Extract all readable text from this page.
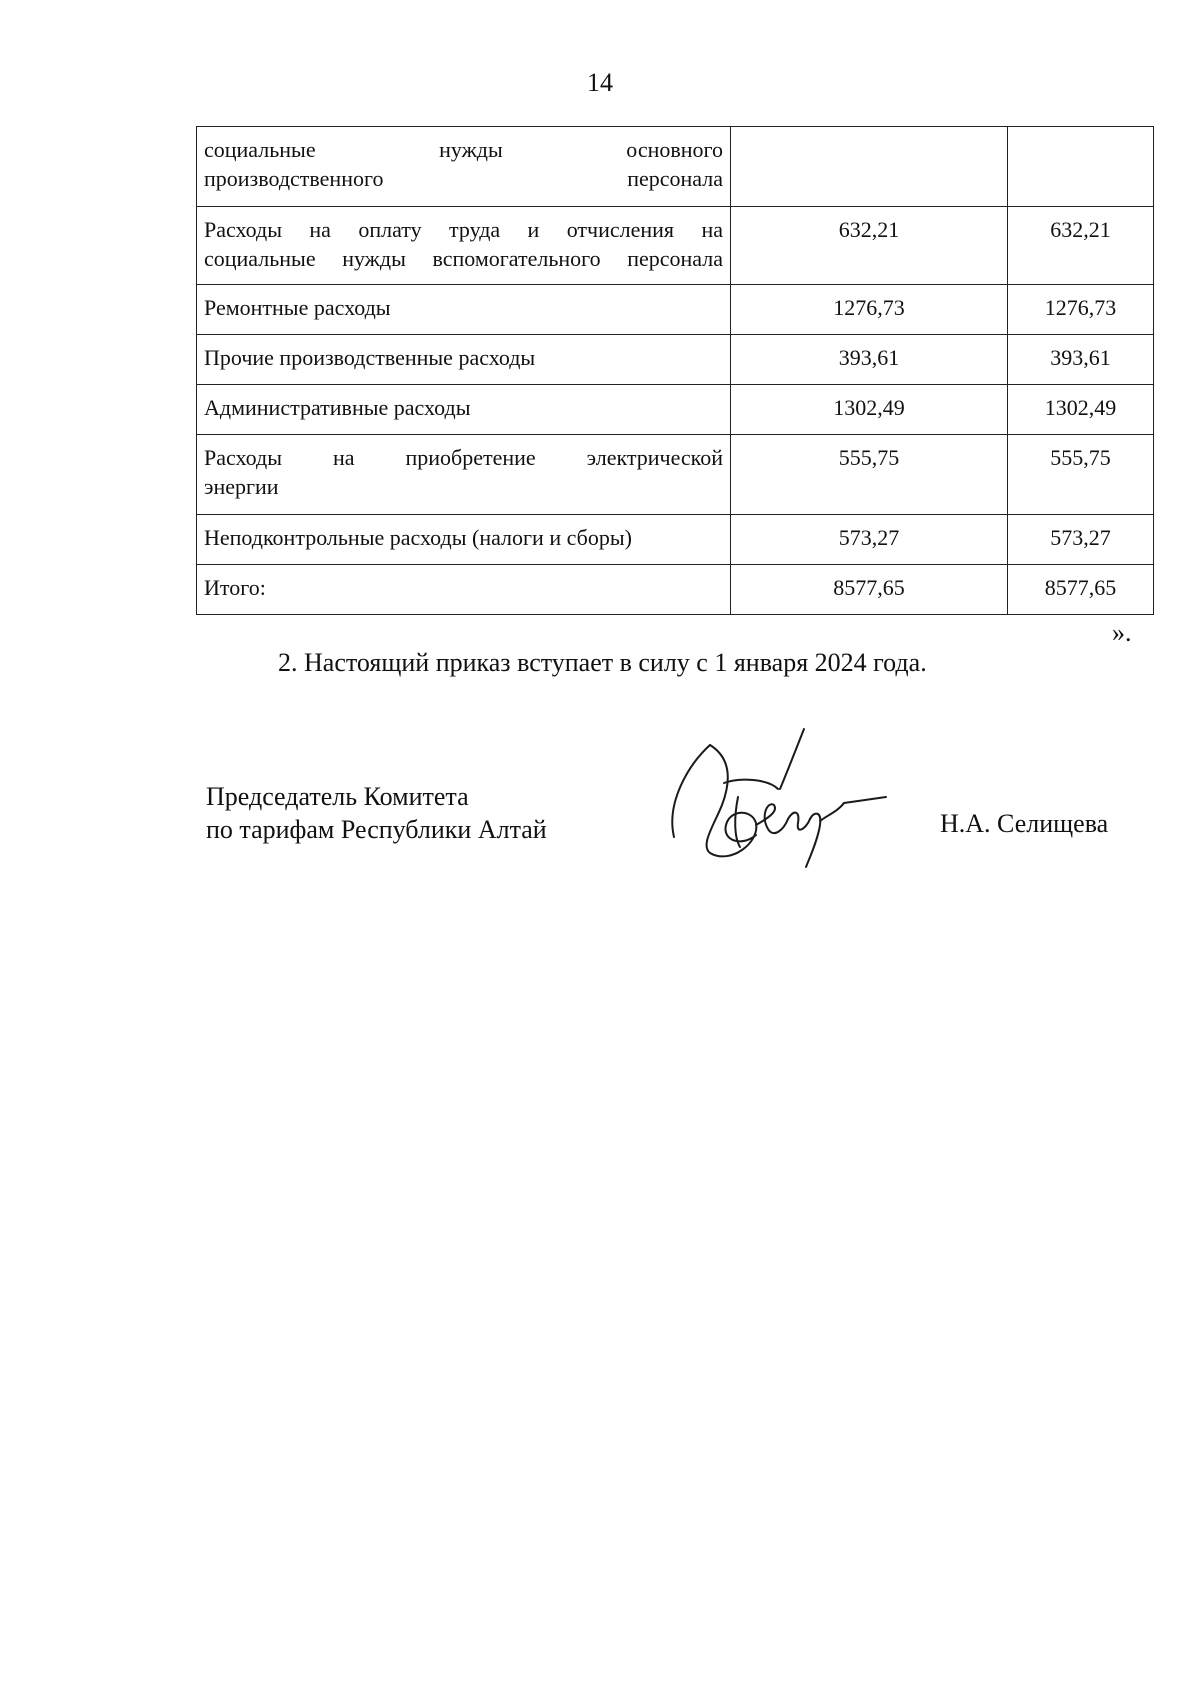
14
социальные нужды основного
производственного персонала		

Расходы на оплату труда и отчисления на
социальные нужды вспомогательного персонала	632,21	632,21

Ремонтные расходы	1276,73	1276,73

Прочие производственные расходы	393,61	393,61

Административные расходы	1302,49	1302,49

Расходы на приобретение электрической
энергии	555,75	555,75

Неподконтрольные расходы (налоги и сборы)	573,27	573,27

Итого:	8577,65	8577,65
».
2. Настоящий приказ вступает в силу с 1 января 2024 года.
Председатель Комитета
по тарифам Республики Алтай	Н.А. Селищева
